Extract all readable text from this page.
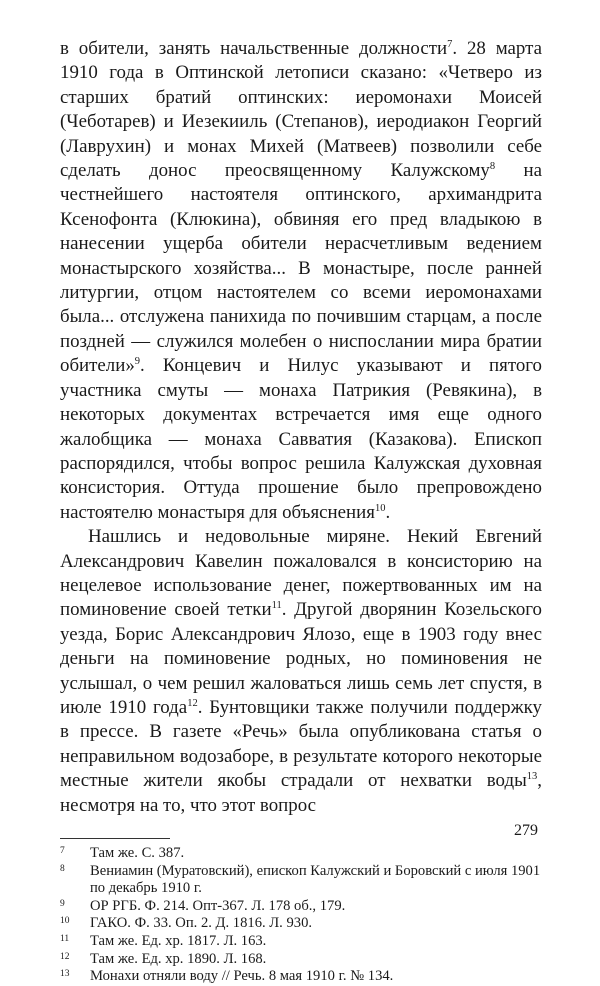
в обители, занять начальственные должности$^7$. 28 марта 1910 года в Оптинской летописи сказано: «Четверо из старших братий оптинских: иеромонахи Моисей (Чеботарев) и Иезекииль (Степанов), иеродиакон Георгий (Лаврухин) и монах Михей (Матвеев) позволили себе сделать донос преосвященному Калужскому$^8$ на честнейшего настоятеля оптинского, архимандрита Ксенофонта (Клюкина), обвиняя его пред владыкою в нанесении ущерба обители нерасчетливым ведением монастырского хозяйства... В монастыре, после ранней литургии, отцом настоятелем со всеми иеромонахами была... отслужена панихида по почившим старцам, а после поздней — служился молебен о ниспослании мира братии обители»$^9$. Концевич и Нилус указывают и пятого участника смуты — монаха Патрикия (Ревякина), в некоторых документах встречается имя еще одного жалобщика — монаха Савватия (Казакова). Епископ распорядился, чтобы вопрос решила Калужская духовная консистория. Оттуда прошение было препровождено настоятелю монастыря для объяснения$^{10}$.

Нашлись и недовольные миряне. Некий Евгений Александрович Кавелин пожаловался в консисторию на нецелевое использование денег, пожертвованных им на поминовение своей тетки$^{11}$. Другой дворянин Козельского уезда, Борис Александрович Ялозо, еще в 1903 году внес деньги на поминовение родных, но поминовения не услышал, о чем решил жаловаться лишь семь лет спустя, в июле 1910 года$^{12}$. Бунтовщики также получили поддержку в прессе. В газете «Речь» была опубликована статья о неправильном водозаборе, в результате которого некоторые местные жители якобы страдали от нехватки воды$^{13}$, несмотря на то, что этот вопрос

7	Там же. С. 387.
8	Вениамин (Муратовский), епископ Калужский и Боровский с июля 1901 по декабрь 1910 г.
9	ОР РГБ. Ф. 214. Опт-367. Л. 178 об., 179.
10	ГАКО. Ф. 33. Оп. 2. Д. 1816. Л. 930.
11	Там же. Ед. хр. 1817. Л. 163.
12	Там же. Ед. хр. 1890. Л. 168.
13	Монахи отняли воду // Речь. 8 мая 1910 г. № 134.
279
